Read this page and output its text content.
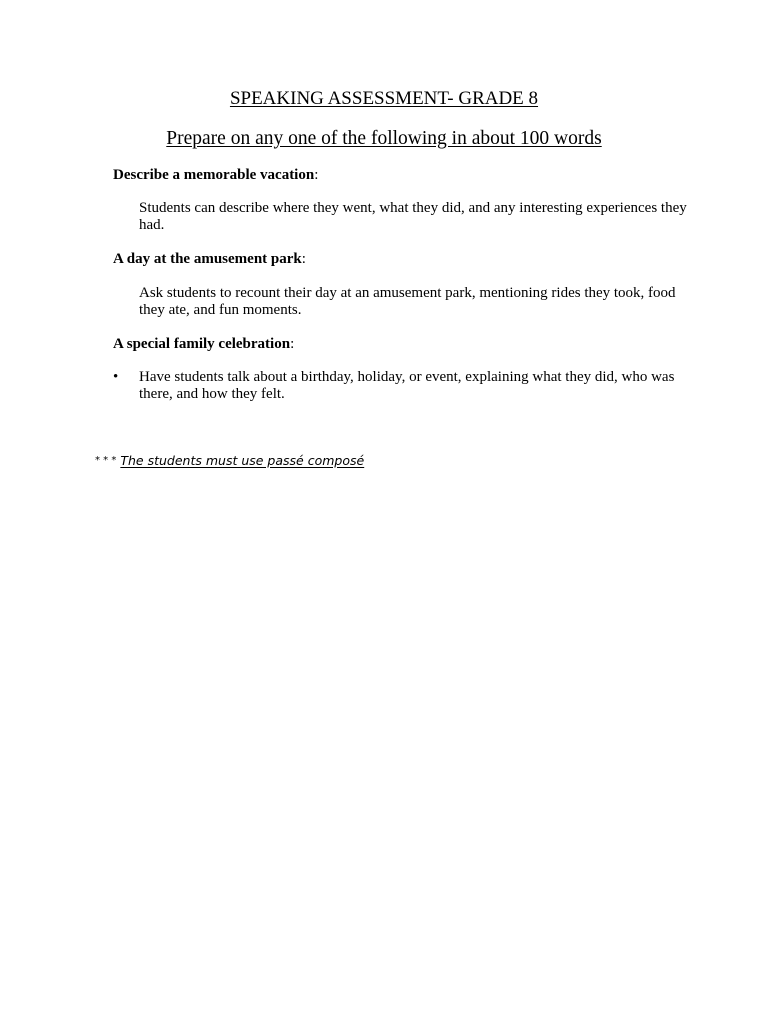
SPEAKING ASSESSMENT- GRADE 8
Prepare on any one of the following in about 100 words
Describe a memorable vacation:
Students can describe where they went, what they did, and any interesting experiences they had.
A day at the amusement park:
Ask students to recount their day at an amusement park, mentioning rides they took, food they ate, and fun moments.
A special family celebration:
• Have students talk about a birthday, holiday, or event, explaining what they did, who was there, and how they felt.
* * * The students must use passé composé
